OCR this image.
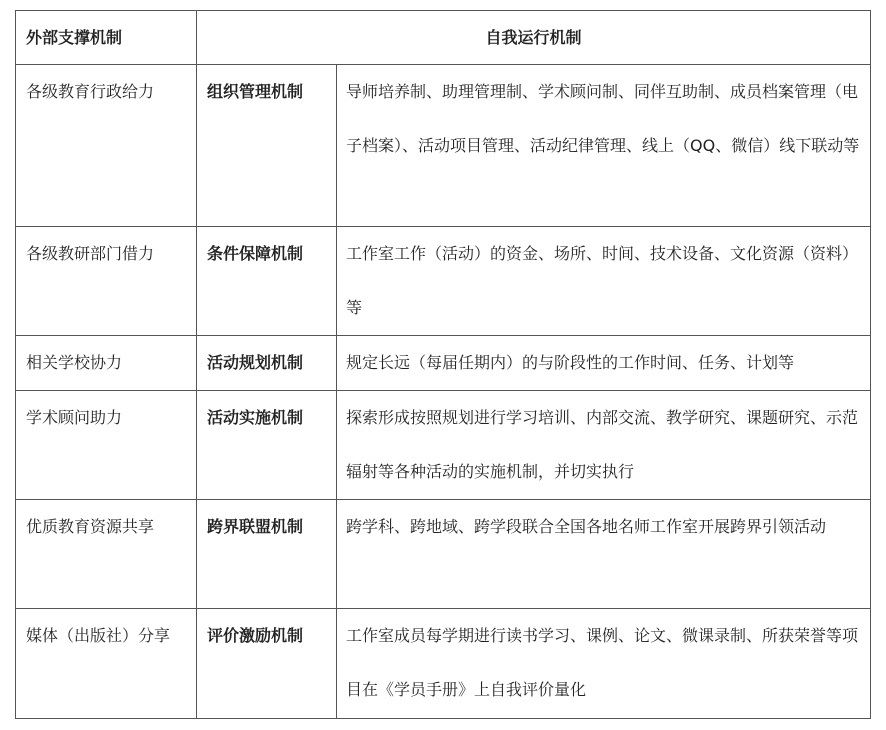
外部支撑机制	自我运行机制	
各级教育行政给力	组织管理机制	导师培养制、助理管理制、学术顾问制、同伴互助制、成员档案管理（电子档案）、活动项目管理、活动纪律管理、线上（QQ、微信）线下联动等
各级教研部门借力	条件保障机制	工作室工作（活动）的资金、场所、时间、技术设备、文化资源（资料）等
相关学校协力	活动规划机制	规定长远（每届任期内）的与阶段性的工作时间、任务、计划等
学术顾问助力	活动实施机制	探索形成按照规划进行学习培训、内部交流、教学研究、课题研究、示范辐射等各种活动的实施机制，并切实执行
优质教育资源共享	跨界联盟机制	跨学科、跨地域、跨学段联合全国各地名师工作室开展跨界引领活动
媒体（出版社）分享	评价激励机制	工作室成员每学期进行读书学习、课例、论文、微课录制、所获荣誉等项目在《学员手册》上自我评价量化
